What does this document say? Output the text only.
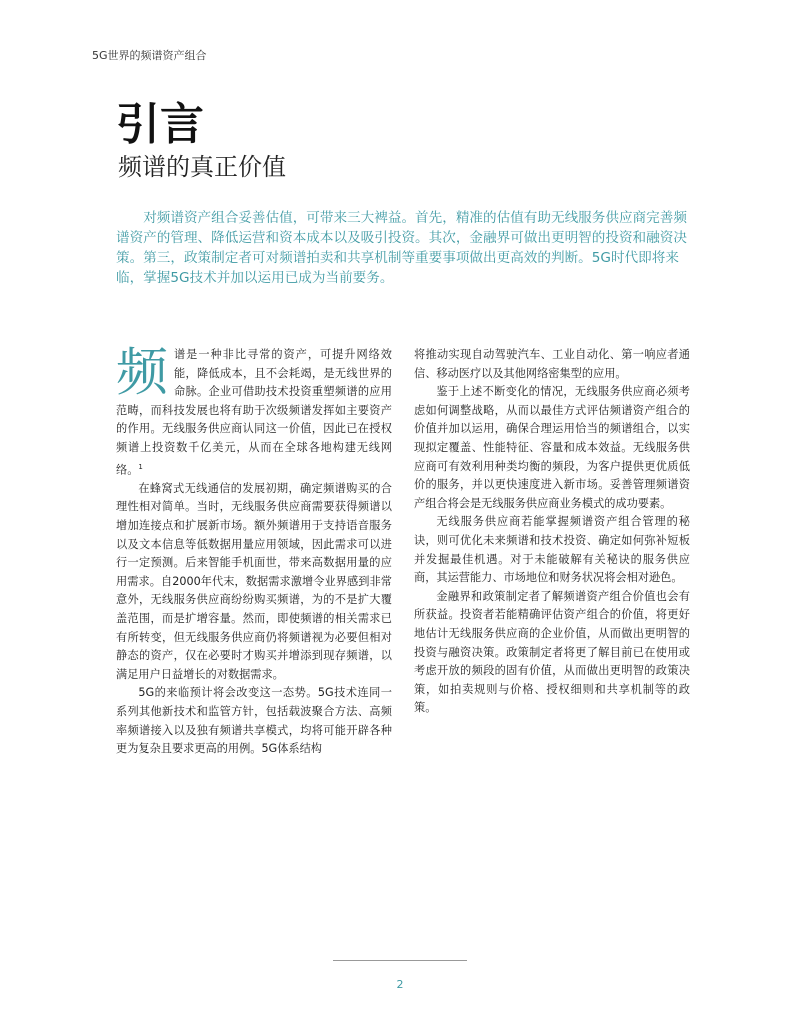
5G世界的频谱资产组合
引言
频谱的真正价值
对频谱资产组合妥善估值，可带来三大裨益。首先，精准的估值有助无线服务供应商完善频谱资产的管理、降低运营和资本成本以及吸引投资。其次，金融界可做出更明智的投资和融资决策。第三，政策制定者可对频谱拍卖和共享机制等重要事项做出更高效的判断。5G时代即将来临，掌握5G技术并加以运用已成为当前要务。

频谱是一种非比寻常的资产，可提升网络效能，降低成本，且不会耗竭，是无线世界的命脉。企业可借助技术投资重塑频谱的应用范畴，而科技发展也将有助于次级频谱发挥如主要资产的作用。无线服务供应商认同这一价值，因此已在授权频谱上投资数千亿美元，从而在全球各地构建无线网络。$^1$

在蜂窝式无线通信的发展初期，确定频谱购买的合理性相对简单。当时，无线服务供应商需要获得频谱以增加连接点和扩展新市场。额外频谱用于支持语音服务以及文本信息等低数据用量应用领域，因此需求可以进行一定预测。后来智能手机面世，带来高数据用量的应用需求。自2000年代末，数据需求激增令业界感到非常意外，无线服务供应商纷纷购买频谱，为的不是扩大覆盖范围，而是扩增容量。然而，即使频谱的相关需求已有所转变，但无线服务供应商仍将频谱视为必要但相对静态的资产，仅在必要时才购买并增添到现存频谱，以满足用户日益增长的对数据需求。

5G的来临预计将会改变这一态势。5G技术连同一系列其他新技术和监管方针，包括载波聚合方法、高频率频谱接入以及独有频谱共享模式，均将可能开辟各种更为复杂且要求更高的用例。5G体系结构

将推动实现自动驾驶汽车、工业自动化、第一响应者通信、移动医疗以及其他网络密集型的应用。

鉴于上述不断变化的情况，无线服务供应商必须考虑如何调整战略，从而以最佳方式评估频谱资产组合的价值并加以运用，确保合理运用恰当的频谱组合，以实现拟定覆盖、性能特征、容量和成本效益。无线服务供应商可有效利用种类均衡的频段，为客户提供更优质低价的服务，并以更快速度进入新市场。妥善管理频谱资产组合将会是无线服务供应商业务模式的成功要素。

无线服务供应商若能掌握频谱资产组合管理的秘诀，则可优化未来频谱和技术投资、确定如何弥补短板并发掘最佳机遇。对于未能破解有关秘诀的服务供应商，其运营能力、市场地位和财务状况将会相对逊色。

金融界和政策制定者了解频谱资产组合价值也会有所获益。投资者若能精确评估资产组合的价值，将更好地估计无线服务供应商的企业价值，从而做出更明智的投资与融资决策。政策制定者将更了解目前已在使用或考虑开放的频段的固有价值，从而做出更明智的政策决策，如拍卖规则与价格、授权细则和共享机制等的政策。

2
